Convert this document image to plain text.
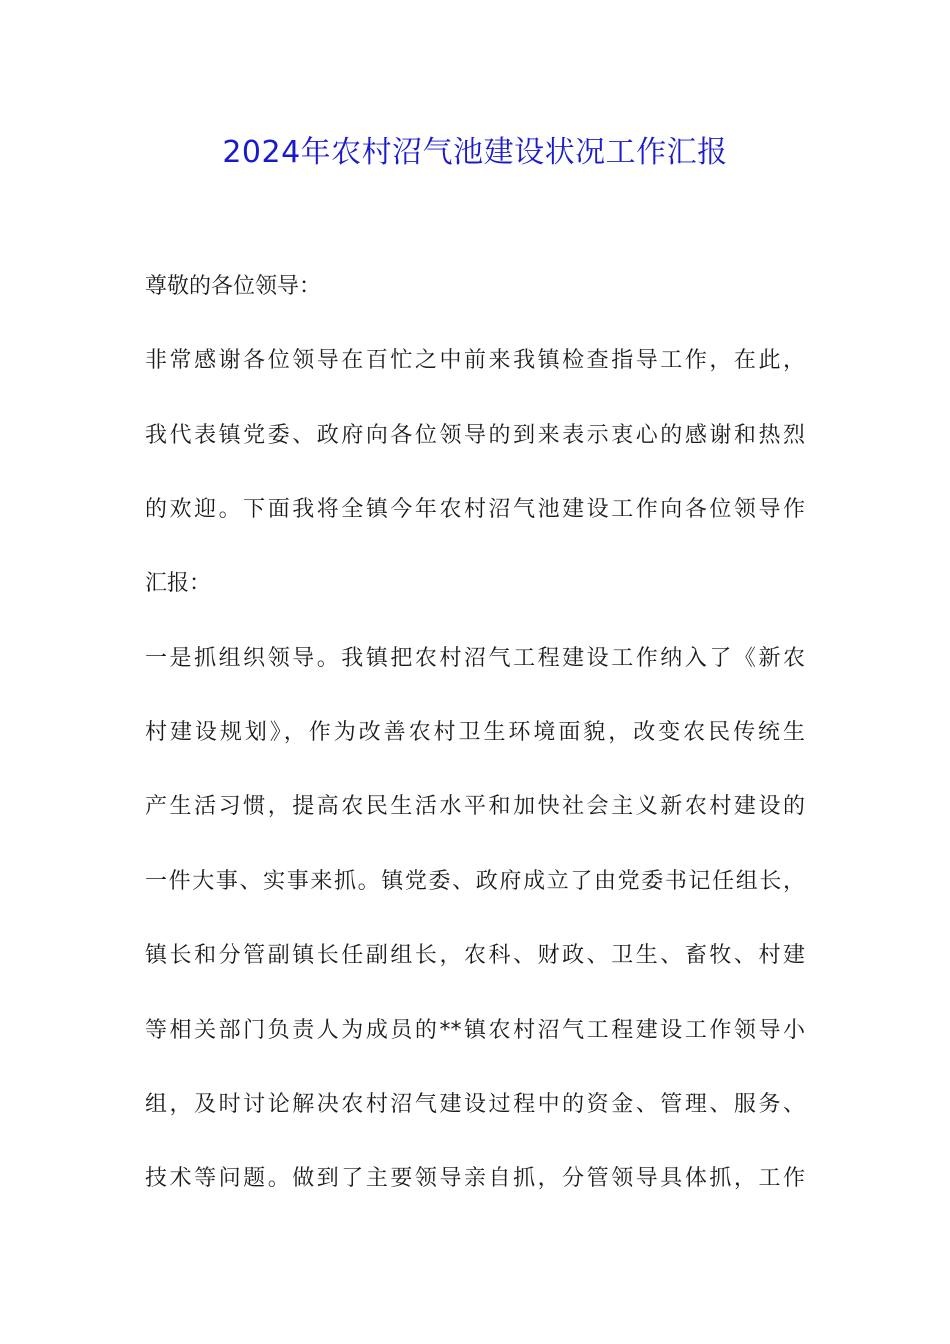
2024年农村沼气池建设状况工作汇报
尊敬的各位领导：
非常感谢各位领导在百忙之中前来我镇检查指导工作，在此，
我代表镇党委、政府向各位领导的到来表示衷心的感谢和热烈
的欢迎。下面我将全镇今年农村沼气池建设工作向各位领导作
汇报：
一是抓组织领导。我镇把农村沼气工程建设工作纳入了《新农
村建设规划》，作为改善农村卫生环境面貌，改变农民传统生
产生活习惯，提高农民生活水平和加快社会主义新农村建设的
一件大事、实事来抓。镇党委、政府成立了由党委书记任组长，
镇长和分管副镇长任副组长，农科、财政、卫生、畜牧、村建
等相关部门负责人为成员的**镇农村沼气工程建设工作领导小
组，及时讨论解决农村沼气建设过程中的资金、管理、服务、
技术等问题。做到了主要领导亲自抓，分管领导具体抓，工作
